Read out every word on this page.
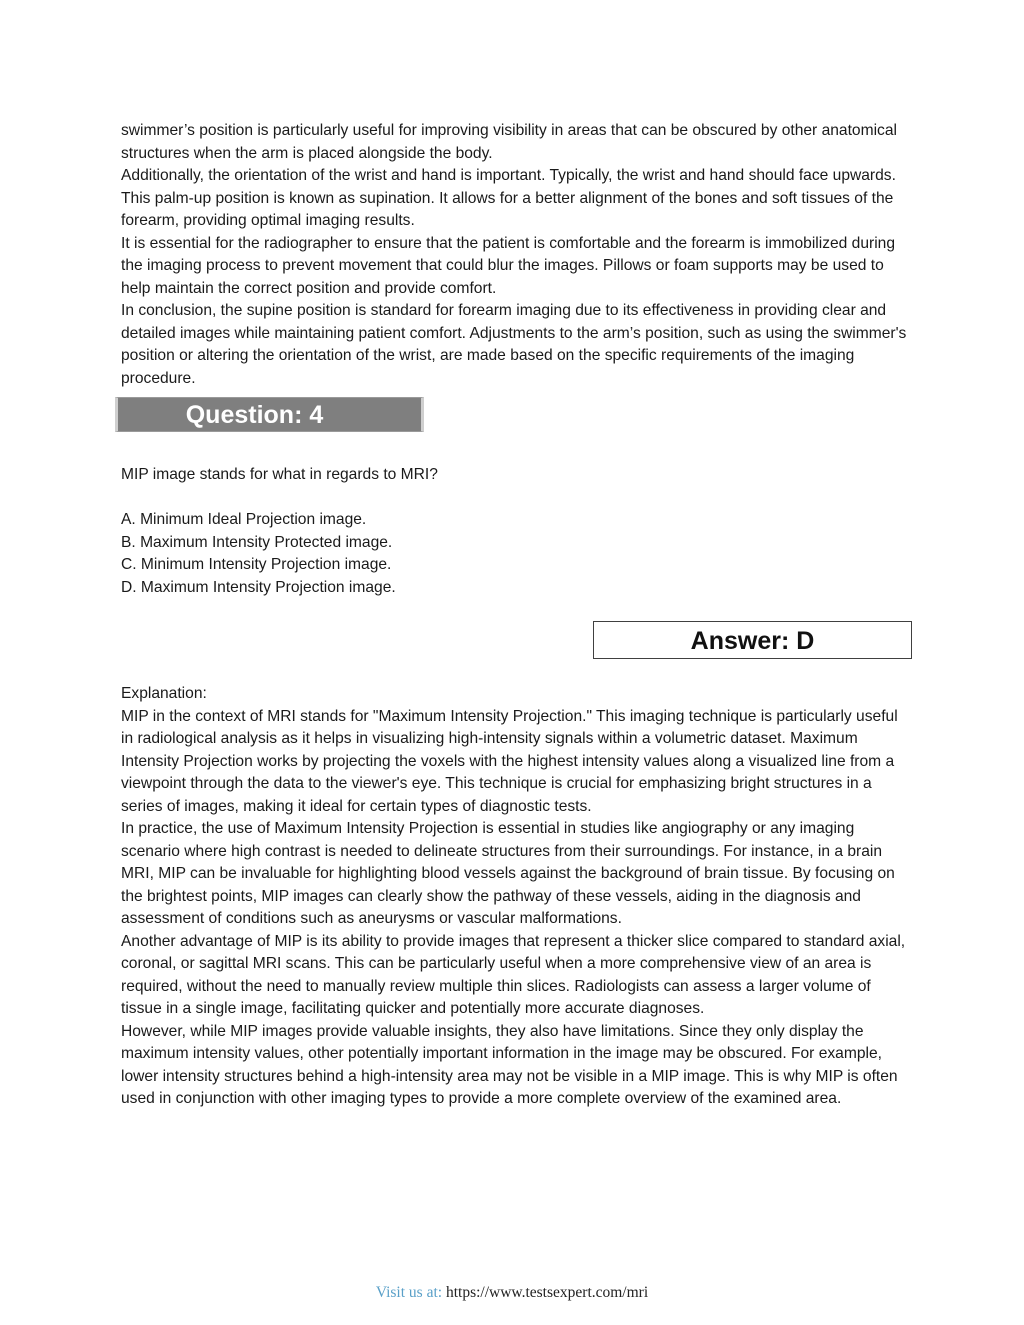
swimmer’s position is particularly useful for improving visibility in areas that can be obscured by other anatomical structures when the arm is placed alongside the body.

Additionally, the orientation of the wrist and hand is important. Typically, the wrist and hand should face upwards. This palm-up position is known as supination. It allows for a better alignment of the bones and soft tissues of the forearm, providing optimal imaging results.

It is essential for the radiographer to ensure that the patient is comfortable and the forearm is immobilized during the imaging process to prevent movement that could blur the images. Pillows or foam supports may be used to help maintain the correct position and provide comfort.

In conclusion, the supine position is standard for forearm imaging due to its effectiveness in providing clear and detailed images while maintaining patient comfort. Adjustments to the arm’s position, such as using the swimmer's position or altering the orientation of the wrist, are made based on the specific requirements of the imaging procedure.

Question: 4

MIP image stands for what in regards to MRI?

A. Minimum Ideal Projection image.

B. Maximum Intensity Protected image.

C. Minimum Intensity Projection image.

D. Maximum Intensity Projection image.

Answer: D

Explanation:

MIP in the context of MRI stands for "Maximum Intensity Projection." This imaging technique is particularly useful in radiological analysis as it helps in visualizing high-intensity signals within a volumetric dataset. Maximum Intensity Projection works by projecting the voxels with the highest intensity values along a visualized line from a viewpoint through the data to the viewer's eye. This technique is crucial for emphasizing bright structures in a series of images, making it ideal for certain types of diagnostic tests.

In practice, the use of Maximum Intensity Projection is essential in studies like angiography or any imaging scenario where high contrast is needed to delineate structures from their surroundings. For instance, in a brain MRI, MIP can be invaluable for highlighting blood vessels against the background of brain tissue. By focusing on the brightest points, MIP images can clearly show the pathway of these vessels, aiding in the diagnosis and assessment of conditions such as aneurysms or vascular malformations.

Another advantage of MIP is its ability to provide images that represent a thicker slice compared to standard axial, coronal, or sagittal MRI scans. This can be particularly useful when a more comprehensive view of an area is required, without the need to manually review multiple thin slices. Radiologists can assess a larger volume of tissue in a single image, facilitating quicker and potentially more accurate diagnoses.

However, while MIP images provide valuable insights, they also have limitations. Since they only display the maximum intensity values, other potentially important information in the image may be obscured. For example, lower intensity structures behind a high-intensity area may not be visible in a MIP image. This is why MIP is often used in conjunction with other imaging types to provide a more complete overview of the examined area.

Visit us at: https://www.testsexpert.com/mri
